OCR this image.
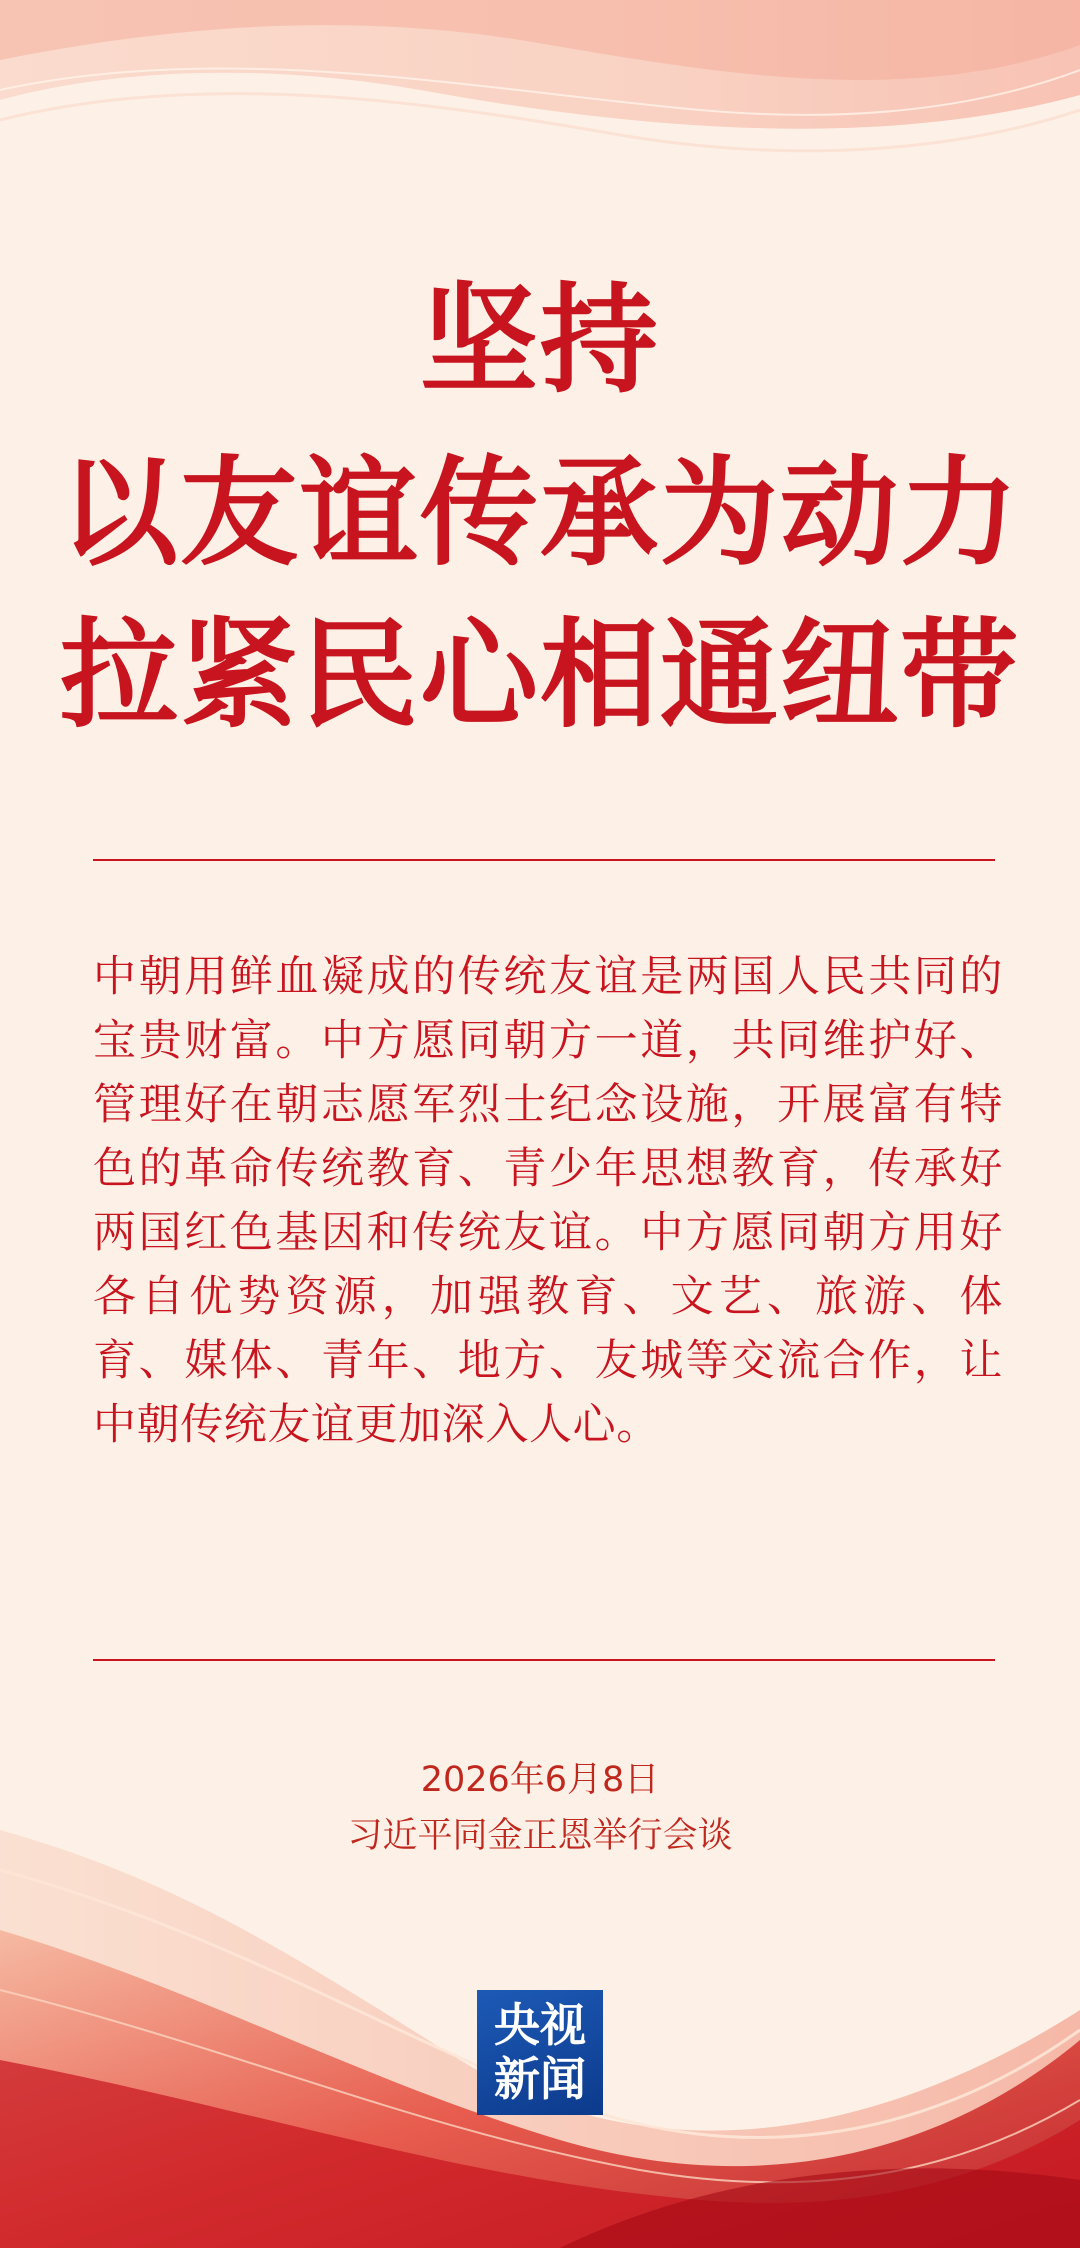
坚持
以友谊传承为动力
拉紧民心相通纽带

中朝用鲜血凝成的传统友谊是两国人民共同的宝贵财富。中方愿同朝方一道，共同维护好、管理好在朝志愿军烈士纪念设施，开展富有特色的革命传统教育、青少年思想教育，传承好两国红色基因和传统友谊。中方愿同朝方用好各自优势资源，加强教育、文艺、旅游、体育、媒体、青年、地方、友城等交流合作，让中朝传统友谊更加深入人心。

2026年6月8日
习近平同金正恩举行会谈
央视
新闻
